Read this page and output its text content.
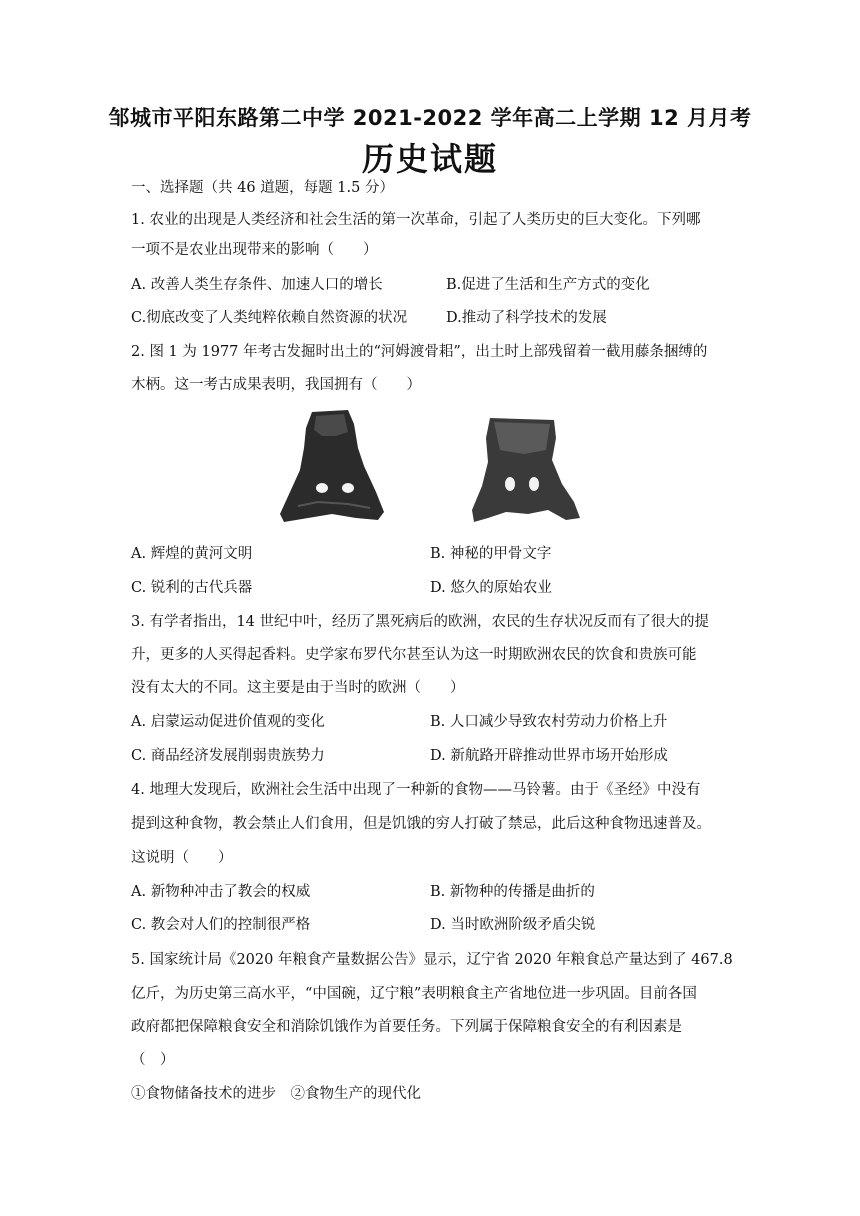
邹城市平阳东路第二中学 2021-2022 学年高二上学期 12 月月考
历史试题
一、选择题（共 46 道题，每题 1.5 分）
1. 农业的出现是人类经济和社会生活的第一次革命，引起了人类历史的巨大变化。下列哪
一项不是农业出现带来的影响（　　）
A. 改善人类生存条件、加速人口的增长	B.促进了生活和生产方式的变化
C.彻底改变了人类纯粹依赖自然资源的状况	D.推动了科学技术的发展
2. 图 1 为 1977 年考古发掘时出土的“河姆渡骨耜”，出土时上部残留着一截用藤条捆缚的
木柄。这一考古成果表明，我国拥有（　　）
A. 辉煌的黄河文明	B. 神秘的甲骨文字
C. 锐利的古代兵器	D. 悠久的原始农业
3. 有学者指出，14 世纪中叶，经历了黑死病后的欧洲，农民的生存状况反而有了很大的提
升，更多的人买得起香料。史学家布罗代尔甚至认为这一时期欧洲农民的饮食和贵族可能
没有太大的不同。这主要是由于当时的欧洲（　　）
A. 启蒙运动促进价值观的变化	B. 人口减少导致农村劳动力价格上升
C. 商品经济发展削弱贵族势力	D. 新航路开辟推动世界市场开始形成
4. 地理大发现后，欧洲社会生活中出现了一种新的食物——马铃薯。由于《圣经》中没有
提到这种食物，教会禁止人们食用，但是饥饿的穷人打破了禁忌，此后这种食物迅速普及。
这说明（　　）
A. 新物种冲击了教会的权威	B. 新物种的传播是曲折的
C. 教会对人们的控制很严格	D. 当时欧洲阶级矛盾尖锐
5. 国家统计局《2020 年粮食产量数据公告》显示，辽宁省 2020 年粮食总产量达到了 467.8
亿斤，为历史第三高水平，“中国碗，辽宁粮”表明粮食主产省地位进一步巩固。目前各国
政府都把保障粮食安全和消除饥饿作为首要任务。下列属于保障粮食安全的有利因素是
（　）
①食物储备技术的进步　②食物生产的现代化
